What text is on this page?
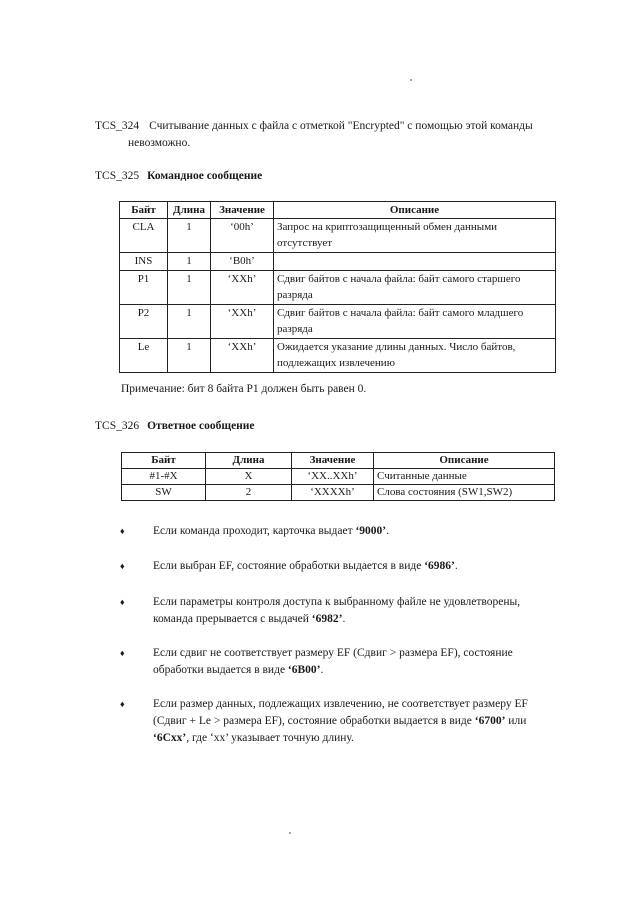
TCS_324 Считывание данных с файла с отметкой "Encrypted" с помощью этой команды
невозможно.
TCS_325 Командное сообщение
Байт	Длина	Значение	Описание
CLA	1	‘00h’	Запрос на криптозащищенный обмен данными
отсутствует
INS	1	‘B0h’	
P1	1	‘XXh’	Сдвиг байтов с начала файла: байт самого старшего
разряда
P2	1	‘XXh’	Сдвиг байтов с начала файла: байт самого младшего
разряда
Le	1	‘XXh’	Ожидается указание длины данных. Число байтов,
подлежащих извлечению
Примечание: бит 8 байта P1 должен быть равен 0.
TCS_326 Ответное сообщение
Байт	Длина	Значение	Описание
#1-#X	X	‘XX..XXh’	Считанные данные
SW	2	‘XXXXh’	Слова состояния (SW1,SW2)
♦ Если команда проходит, карточка выдает ‘9000’.
♦ Если выбран EF, состояние обработки выдается в виде ‘6986’.
♦ Если параметры контроля доступа к выбранному файле не удовлетворены,
команда прерывается с выдачей ‘6982’.
♦ Если сдвиг не соответствует размеру EF (Сдвиг > размера EF), состояние
обработки выдается в виде ‘6B00’.
♦ Если размер данных, подлежащих извлечению, не соответствует размеру EF
(Сдвиг + Le > размера EF), состояние обработки выдается в виде ‘6700’ или
‘6Cxx’, где ‘xx’ указывает точную длину.
